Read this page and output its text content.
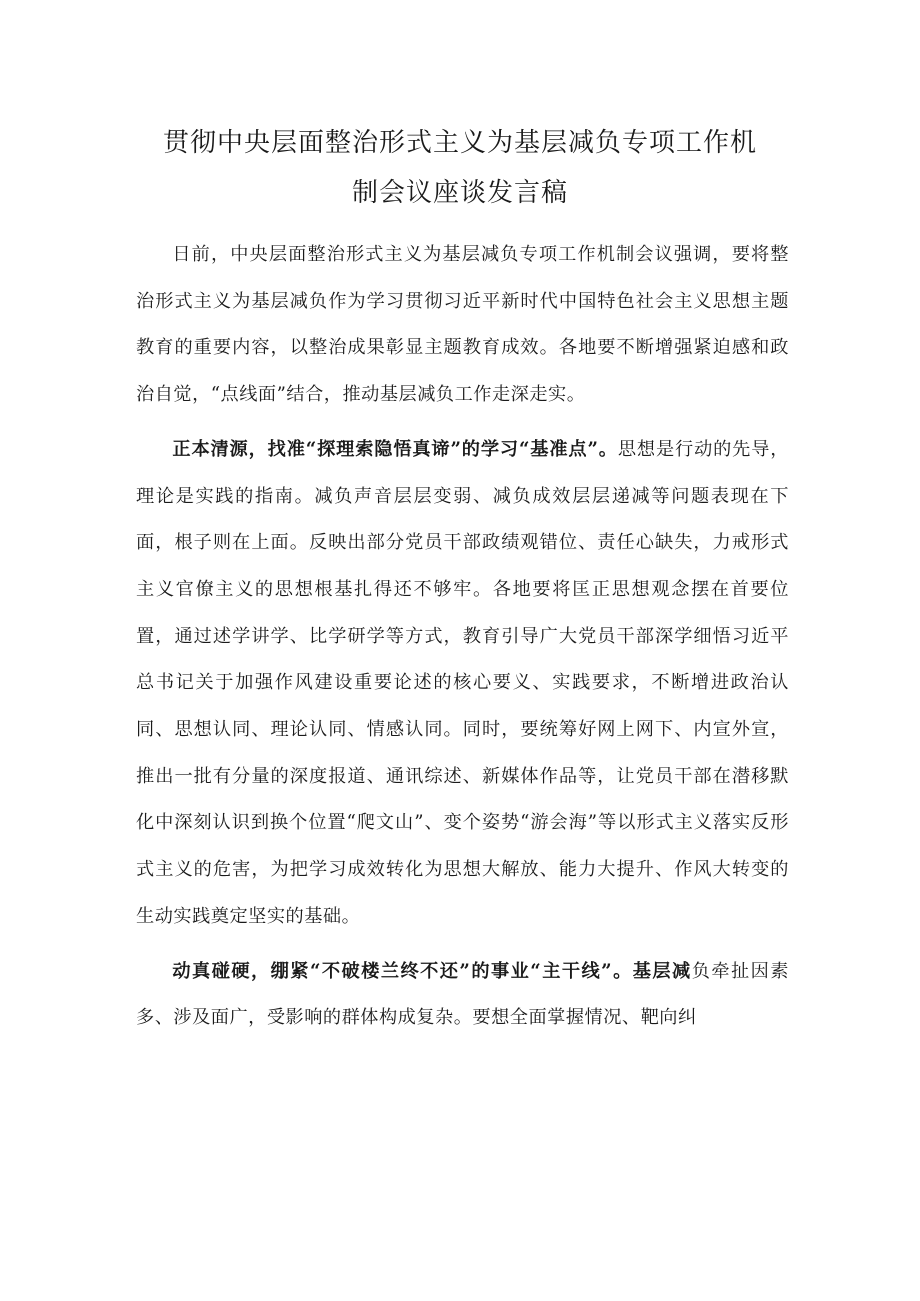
贯彻中央层面整治形式主义为基层减负专项工作机
制会议座谈发言稿

日前，中央层面整治形式主义为基层减负专项工作机制会议强调，要将整治形式主义为基层减负作为学习贯彻习近平新时代中国特色社会主义思想主题教育的重要内容，以整治成果彰显主题教育成效。各地要不断增强紧迫感和政治自觉，“点线面”结合，推动基层减负工作走深走实。

正本清源，找准“探理索隐悟真谛”的学习“基准点”。思想是行动的先导，理论是实践的指南。减负声音层层变弱、减负成效层层递减等问题表现在下面，根子则在上面。反映出部分党员干部政绩观错位、责任心缺失，力戒形式主义官僚主义的思想根基扎得还不够牢。各地要将匡正思想观念摆在首要位置，通过述学讲学、比学研学等方式，教育引导广大党员干部深学细悟习近平总书记关于加强作风建设重要论述的核心要义、实践要求，不断增进政治认同、思想认同、理论认同、情感认同。同时，要统筹好网上网下、内宣外宣，推出一批有分量的深度报道、通讯综述、新媒体作品等，让党员干部在潜移默化中深刻认识到换个位置“爬文山”、变个姿势“游会海”等以形式主义落实反形式主义的危害，为把学习成效转化为思想大解放、能力大提升、作风大转变的生动实践奠定坚实的基础。

动真碰硬，绷紧“不破楼兰终不还”的事业“主干线”。基层减负牵扯因素多、涉及面广，受影响的群体构成复杂。要想全面掌握情况、靶向纠
